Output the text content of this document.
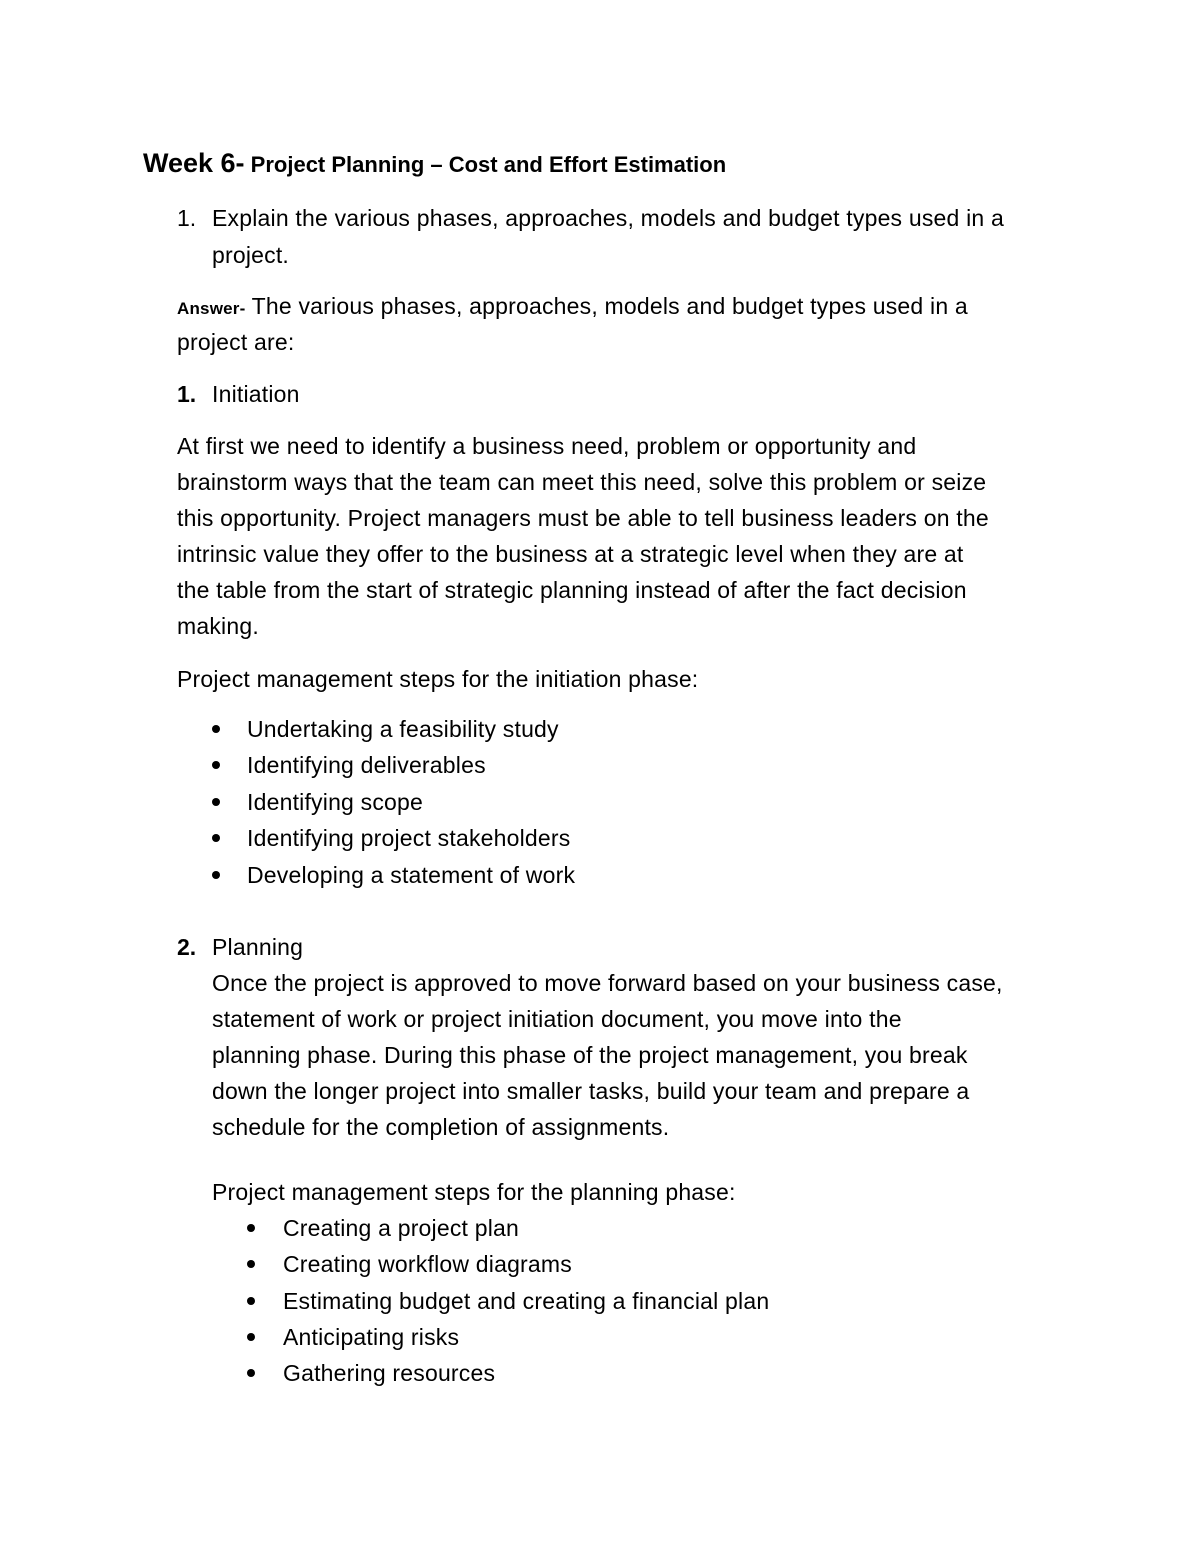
Week 6- Project Planning – Cost and Effort Estimation
1. Explain the various phases, approaches, models and budget types used in a
project.
Answer- The various phases, approaches, models and budget types used in a
project are:
1. Initiation
At first we need to identify a business need, problem or opportunity and
brainstorm ways that the team can meet this need, solve this problem or seize
this opportunity. Project managers must be able to tell business leaders on the
intrinsic value they offer to the business at a strategic level when they are at
the table from the start of strategic planning instead of after the fact decision
making.
Project management steps for the initiation phase:
Undertaking a feasibility study
Identifying deliverables
Identifying scope
Identifying project stakeholders
Developing a statement of work
2. Planning
Once the project is approved to move forward based on your business case,
statement of work or project initiation document, you move into the
planning phase. During this phase of the project management, you break
down the longer project into smaller tasks, build your team and prepare a
schedule for the completion of assignments.
Project management steps for the planning phase:
Creating a project plan
Creating workflow diagrams
Estimating budget and creating a financial plan
Anticipating risks
Gathering resources
